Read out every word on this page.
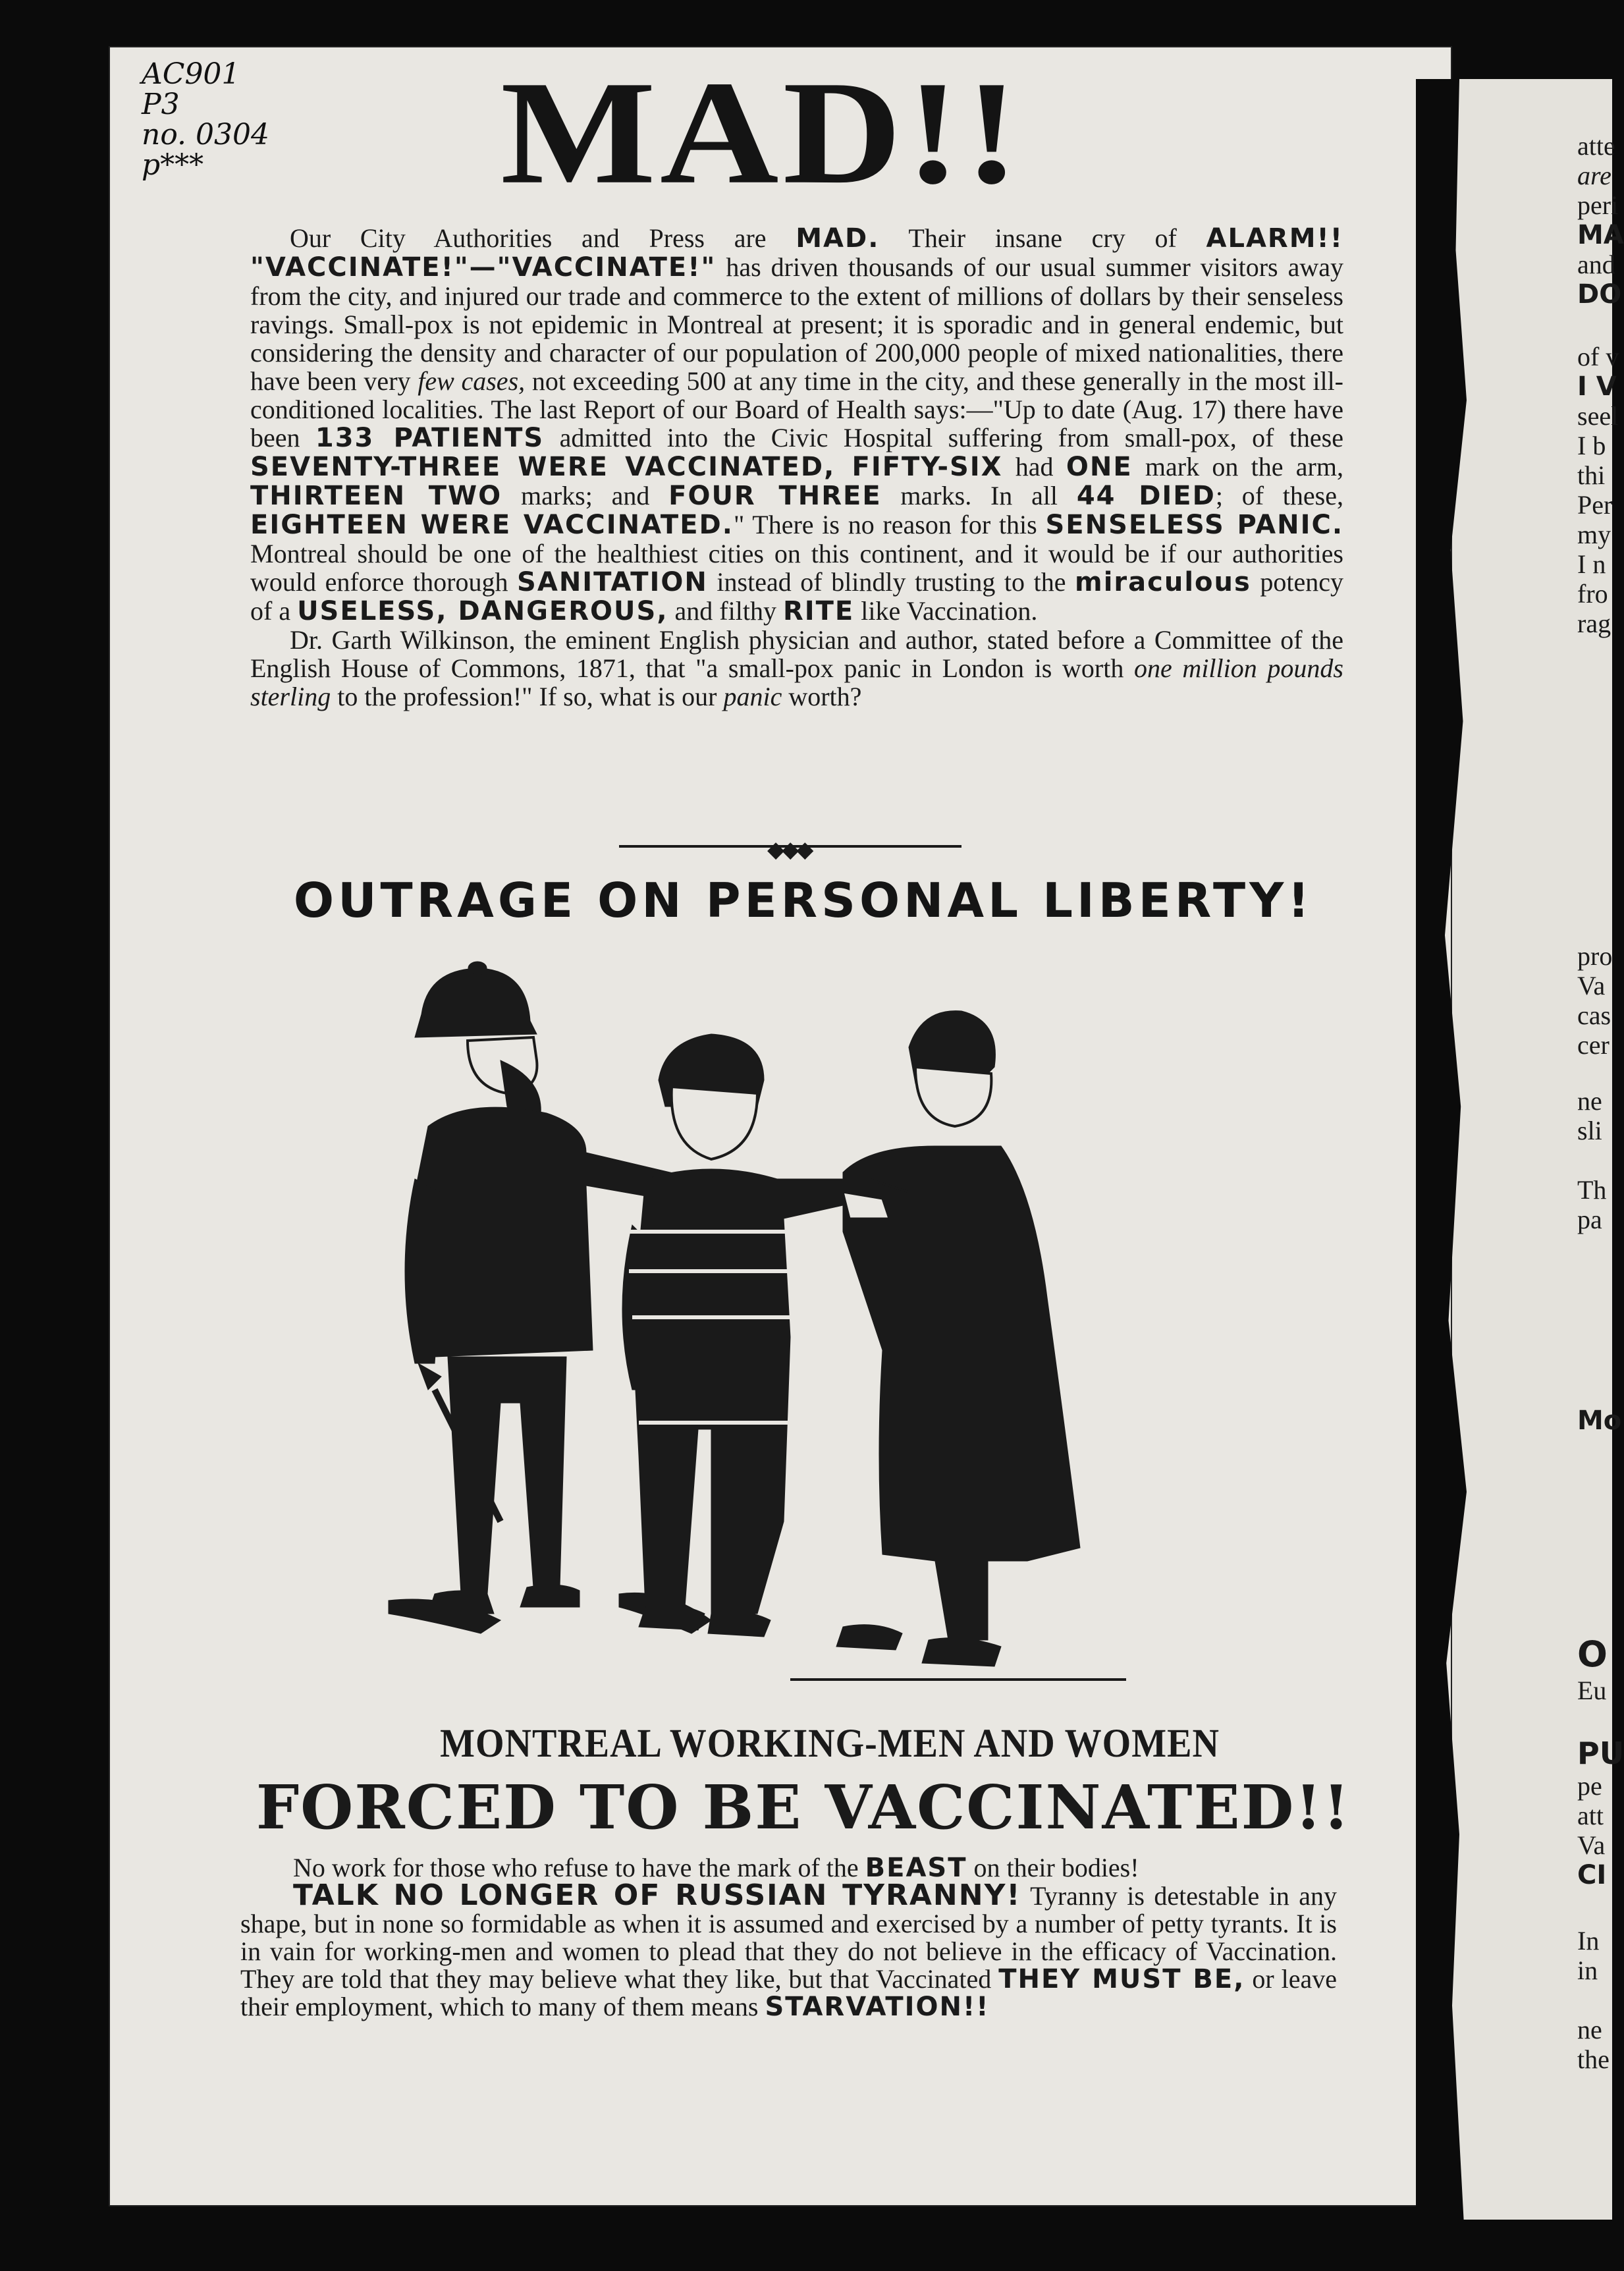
atte
are
peri
MA
and
DO
of v
I V
seel
I b
thi
Per
my
I n
fro
rag
pro
Va
cas
cer
ne
sli
Th
pa
Mo
O
Eu
PU
pe
att
Va
CI
In
in
ne
the
AC901
P3
no. 0304
p***	MAD!!

Our City Authorities and Press are MAD. Their insane cry of ALARM!! "VACCINATE!"—"VACCINATE!" has driven thousands of our usual summer visitors away from the city, and injured our trade and commerce to the extent of millions of dollars by their senseless ravings. Small-pox is not epidemic in Montreal at present; it is sporadic and in general endemic, but considering the density and character of our population of 200,000 people of mixed nationalities, there have been very few cases, not exceeding 500 at any time in the city, and these generally in the most ill-conditioned localities. The last Report of our Board of Health says:—"Up to date (Aug. 17) there have been 133 PATIENTS admitted into the Civic Hospital suffering from small-pox, of these SEVENTY-THREE WERE VACCINATED, FIFTY-SIX had ONE mark on the arm, THIRTEEN TWO marks; and FOUR THREE marks. In all 44 DIED; of these, EIGHTEEN WERE VACCINATED." There is no reason for this SENSELESS PANIC. Montreal should be one of the healthiest cities on this continent, and it would be if our authorities would enforce thorough SANITATION instead of blindly trusting to the miraculous potency of a USELESS, DANGEROUS, and filthy RITE like Vaccination.

Dr. Garth Wilkinson, the eminent English physician and author, stated before a Committee of the English House of Commons, 1871, that "a small-pox panic in London is worth one million pounds sterling to the profession!" If so, what is our panic worth?

◆◆◆
OUTRAGE ON PERSONAL LIBERTY!
MONTREAL WORKING-MEN AND WOMEN
FORCED TO BE VACCINATED!!

No work for those who refuse to have the mark of the BEAST on their bodies!

TALK NO LONGER OF RUSSIAN TYRANNY! Tyranny is detestable in any shape, but in none so formidable as when it is assumed and exercised by a number of petty tyrants. It is in vain for working-men and women to plead that they do not believe in the efficacy of Vaccination. They are told that they may believe what they like, but that Vaccinated THEY MUST BE, or leave their employment, which to many of them means STARVATION!!
